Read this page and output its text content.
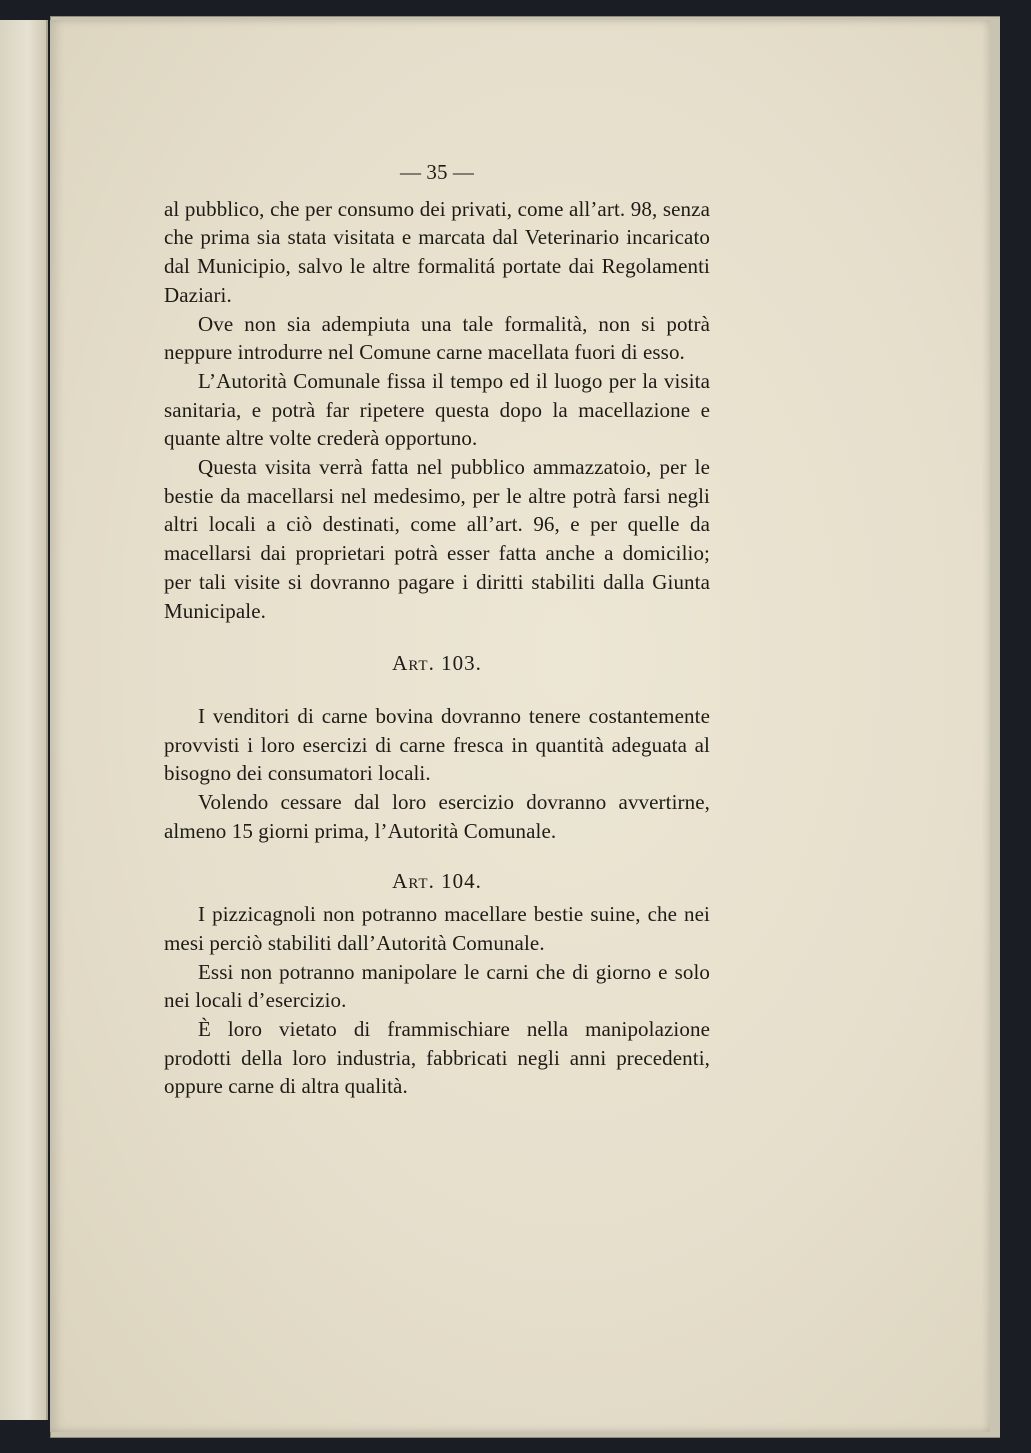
— 35 —

al pubblico, che per consumo dei privati, come all’art. 98, senza che prima sia stata visitata e marcata dal Veterinario incaricato dal Municipio, salvo le altre formalitá portate dai Regolamenti Daziari.

Ove non sia adempiuta una tale formalità, non si potrà neppure introdurre nel Comune carne macellata fuori di esso.

L’Autorità Comunale fissa il tempo ed il luogo per la visita sanitaria, e potrà far ripetere questa dopo la macellazione e quante altre volte crederà opportuno.

Questa visita verrà fatta nel pubblico ammazzatoio, per le bestie da macellarsi nel medesimo, per le altre potrà farsi negli altri locali a ciò destinati, come all’art. 96, e per quelle da macellarsi dai proprietari potrà esser fatta anche a domicilio; per tali visite si dovranno pagare i diritti stabiliti dalla Giunta Municipale.

Art. 103.

I venditori di carne bovina dovranno tenere costantemente provvisti i loro esercizi di carne fresca in quantità adeguata al bisogno dei consumatori locali.

Volendo cessare dal loro esercizio dovranno avvertirne, almeno 15 giorni prima, l’Autorità Comunale.

Art. 104.

I pizzicagnoli non potranno macellare bestie suine, che nei mesi perciò stabiliti dall’Autorità Comunale.

Essi non potranno manipolare le carni che di giorno e solo nei locali d’esercizio.

È loro vietato di frammischiare nella manipolazione prodotti della loro industria, fabbricati negli anni precedenti, oppure carne di altra qualità.
